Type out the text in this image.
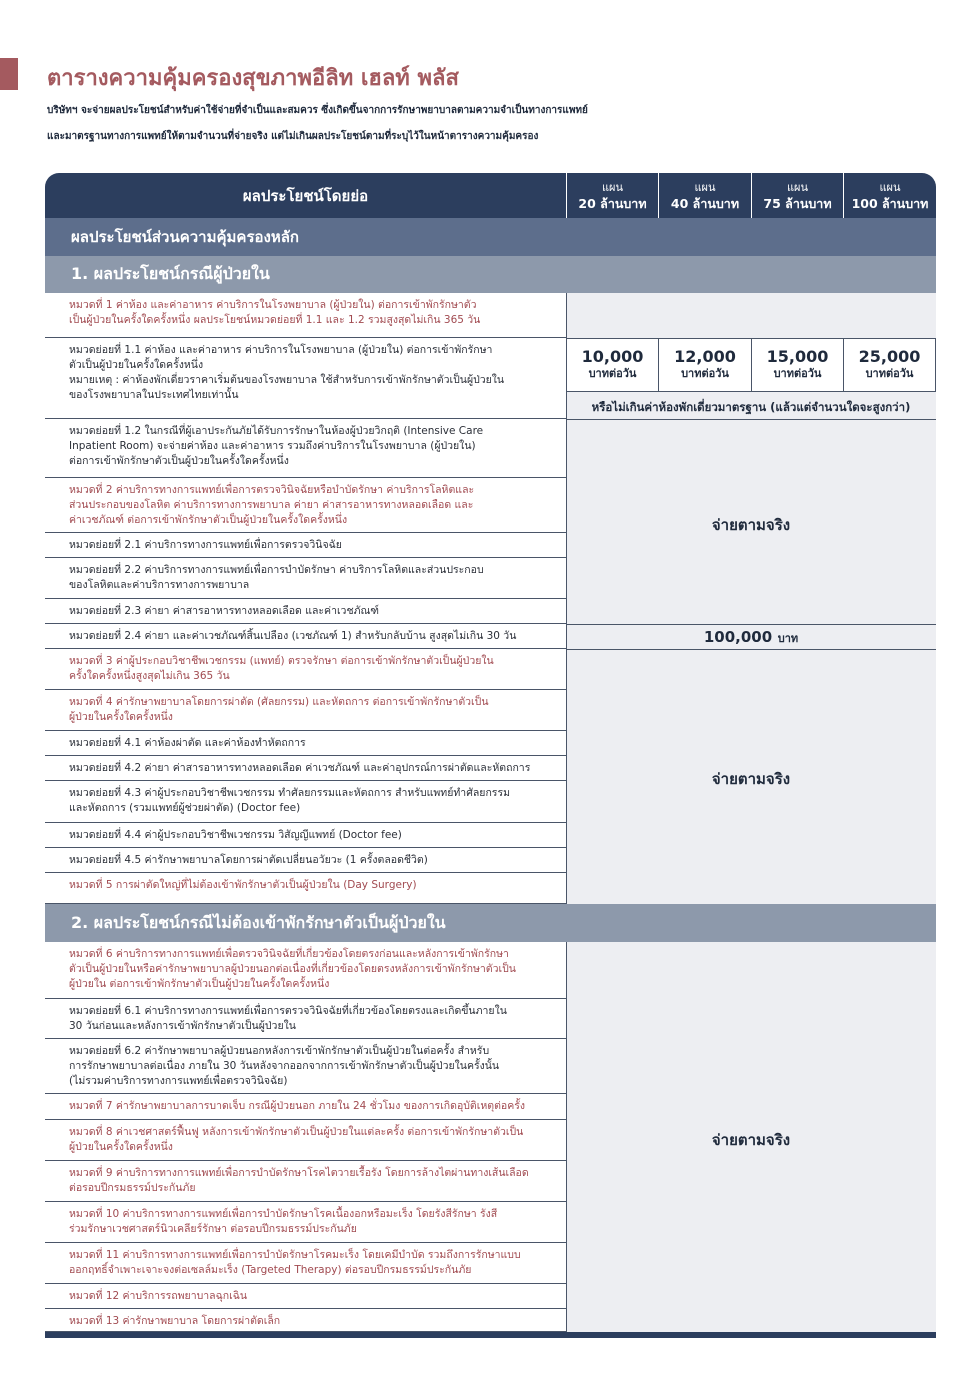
ตารางความคุ้มครองสุขภาพอีลิท เฮลท์ พลัส
บริษัทฯ จะจ่ายผลประโยชน์สำหรับค่าใช้จ่ายที่จำเป็นและสมควร ซึ่งเกิดขึ้นจากการรักษาพยาบาลตามความจำเป็นทางการแพทย์
และมาตรฐานทางการแพทย์ให้ตามจำนวนที่จ่ายจริง แต่ไม่เกินผลประโยชน์ตามที่ระบุไว้ในหน้าตารางความคุ้มครอง
ผลประโยชน์โดยย่อ	แผน
20 ล้านบาท
แผน
40 ล้านบาท
แผน
75 ล้านบาท
แผน
100 ล้านบาท
ผลประโยชน์ส่วนความคุ้มครองหลัก
1. ผลประโยชน์กรณีผู้ป่วยใน
10,000
บาทต่อวัน
12,000
บาทต่อวัน
15,000
บาทต่อวัน
25,000
บาทต่อวัน
หรือไม่เกินค่าห้องพักเดี่ยวมาตรฐาน (แล้วแต่จำนวนใดจะสูงกว่า)
จ่ายตามจริง
100,000 บาท
จ่ายตามจริง
2. ผลประโยชน์กรณีไม่ต้องเข้าพักรักษาตัวเป็นผู้ป่วยใน
จ่ายตามจริง
หมวดที่ 1 ค่าห้อง และค่าอาหาร ค่าบริการในโรงพยาบาล (ผู้ป่วยใน) ต่อการเข้าพักรักษาตัว
เป็นผู้ป่วยในครั้งใดครั้งหนึ่ง ผลประโยชน์หมวดย่อยที่ 1.1 และ 1.2 รวมสูงสุดไม่เกิน 365 วัน
หมวดย่อยที่ 1.1 ค่าห้อง และค่าอาหาร ค่าบริการในโรงพยาบาล (ผู้ป่วยใน) ต่อการเข้าพักรักษา
ตัวเป็นผู้ป่วยในครั้งใดครั้งหนึ่ง
หมายเหตุ : ค่าห้องพักเดี่ยวราคาเริ่มต้นของโรงพยาบาล ใช้สำหรับการเข้าพักรักษาตัวเป็นผู้ป่วยใน
ของโรงพยาบาลในประเทศไทยเท่านั้น
หมวดย่อยที่ 1.2 ในกรณีที่ผู้เอาประกันภัยได้รับการรักษาในห้องผู้ป่วยวิกฤติ (Intensive Care
Inpatient Room) จะจ่ายค่าห้อง และค่าอาหาร รวมถึงค่าบริการในโรงพยาบาล (ผู้ป่วยใน)
ต่อการเข้าพักรักษาตัวเป็นผู้ป่วยในครั้งใดครั้งหนึ่ง
หมวดที่ 2 ค่าบริการทางการแพทย์เพื่อการตรวจวินิจฉัยหรือบำบัดรักษา ค่าบริการโลหิตและ
ส่วนประกอบของโลหิต ค่าบริการทางการพยาบาล ค่ายา ค่าสารอาหารทางหลอดเลือด และ
ค่าเวชภัณฑ์ ต่อการเข้าพักรักษาตัวเป็นผู้ป่วยในครั้งใดครั้งหนึ่ง
หมวดย่อยที่ 2.1 ค่าบริการทางการแพทย์เพื่อการตรวจวินิจฉัย
หมวดย่อยที่ 2.2 ค่าบริการทางการแพทย์เพื่อการบำบัดรักษา ค่าบริการโลหิตและส่วนประกอบ
ของโลหิตและค่าบริการทางการพยาบาล
หมวดย่อยที่ 2.3 ค่ายา ค่าสารอาหารทางหลอดเลือด และค่าเวชภัณฑ์
หมวดย่อยที่ 2.4 ค่ายา และค่าเวชภัณฑ์สิ้นเปลือง (เวชภัณฑ์ 1) สำหรับกลับบ้าน สูงสุดไม่เกิน 30 วัน
หมวดที่ 3 ค่าผู้ประกอบวิชาชีพเวชกรรม (แพทย์) ตรวจรักษา ต่อการเข้าพักรักษาตัวเป็นผู้ป่วยใน
ครั้งใดครั้งหนึ่งสูงสุดไม่เกิน 365 วัน
หมวดที่ 4 ค่ารักษาพยาบาลโดยการผ่าตัด (ศัลยกรรม) และหัตถการ ต่อการเข้าพักรักษาตัวเป็น
ผู้ป่วยในครั้งใดครั้งหนึ่ง
หมวดย่อยที่ 4.1 ค่าห้องผ่าตัด และค่าห้องทำหัตถการ
หมวดย่อยที่ 4.2 ค่ายา ค่าสารอาหารทางหลอดเลือด ค่าเวชภัณฑ์ และค่าอุปกรณ์การผ่าตัดและหัตถการ
หมวดย่อยที่ 4.3 ค่าผู้ประกอบวิชาชีพเวชกรรม ทำศัลยกรรมและหัตถการ สำหรับแพทย์ทำศัลยกรรม
และหัตถการ (รวมแพทย์ผู้ช่วยผ่าตัด) (Doctor fee)
หมวดย่อยที่ 4.4 ค่าผู้ประกอบวิชาชีพเวชกรรม วิสัญญีแพทย์ (Doctor fee)
หมวดย่อยที่ 4.5 ค่ารักษาพยาบาลโดยการผ่าตัดเปลี่ยนอวัยวะ (1 ครั้งตลอดชีวิต)
หมวดที่ 5 การผ่าตัดใหญ่ที่ไม่ต้องเข้าพักรักษาตัวเป็นผู้ป่วยใน (Day Surgery)
หมวดที่ 6 ค่าบริการทางการแพทย์เพื่อตรวจวินิจฉัยที่เกี่ยวข้องโดยตรงก่อนและหลังการเข้าพักรักษา
ตัวเป็นผู้ป่วยในหรือค่ารักษาพยาบาลผู้ป่วยนอกต่อเนื่องที่เกี่ยวข้องโดยตรงหลังการเข้าพักรักษาตัวเป็น
ผู้ป่วยใน ต่อการเข้าพักรักษาตัวเป็นผู้ป่วยในครั้งใดครั้งหนึ่ง
หมวดย่อยที่ 6.1 ค่าบริการทางการแพทย์เพื่อการตรวจวินิจฉัยที่เกี่ยวข้องโดยตรงและเกิดขึ้นภายใน
30 วันก่อนและหลังการเข้าพักรักษาตัวเป็นผู้ป่วยใน
หมวดย่อยที่ 6.2 ค่ารักษาพยาบาลผู้ป่วยนอกหลังการเข้าพักรักษาตัวเป็นผู้ป่วยในต่อครั้ง สำหรับ
การรักษาพยาบาลต่อเนื่อง ภายใน 30 วันหลังจากออกจากการเข้าพักรักษาตัวเป็นผู้ป่วยในครั้งนั้น
(ไม่รวมค่าบริการทางการแพทย์เพื่อตรวจวินิจฉัย)
หมวดที่ 7 ค่ารักษาพยาบาลการบาดเจ็บ กรณีผู้ป่วยนอก ภายใน 24 ชั่วโมง ของการเกิดอุบัติเหตุต่อครั้ง
หมวดที่ 8 ค่าเวชศาสตร์ฟื้นฟู หลังการเข้าพักรักษาตัวเป็นผู้ป่วยในแต่ละครั้ง ต่อการเข้าพักรักษาตัวเป็น
ผู้ป่วยในครั้งใดครั้งหนึ่ง
หมวดที่ 9 ค่าบริการทางการแพทย์เพื่อการบำบัดรักษาโรคไตวายเรื้อรัง โดยการล้างไตผ่านทางเส้นเลือด
ต่อรอบปีกรมธรรม์ประกันภัย
หมวดที่ 10 ค่าบริการทางการแพทย์เพื่อการบำบัดรักษาโรคเนื้องอกหรือมะเร็ง โดยรังสีรักษา รังสี
ร่วมรักษาเวชศาสตร์นิวเคลียร์รักษา ต่อรอบปีกรมธรรม์ประกันภัย
หมวดที่ 11 ค่าบริการทางการแพทย์เพื่อการบำบัดรักษาโรคมะเร็ง โดยเคมีบำบัด รวมถึงการรักษาแบบ
ออกฤทธิ์จำเพาะเจาะจงต่อเซลล์มะเร็ง (Targeted Therapy) ต่อรอบปีกรมธรรม์ประกันภัย
หมวดที่ 12 ค่าบริการรถพยาบาลฉุกเฉิน
หมวดที่ 13 ค่ารักษาพยาบาล โดยการผ่าตัดเล็ก
